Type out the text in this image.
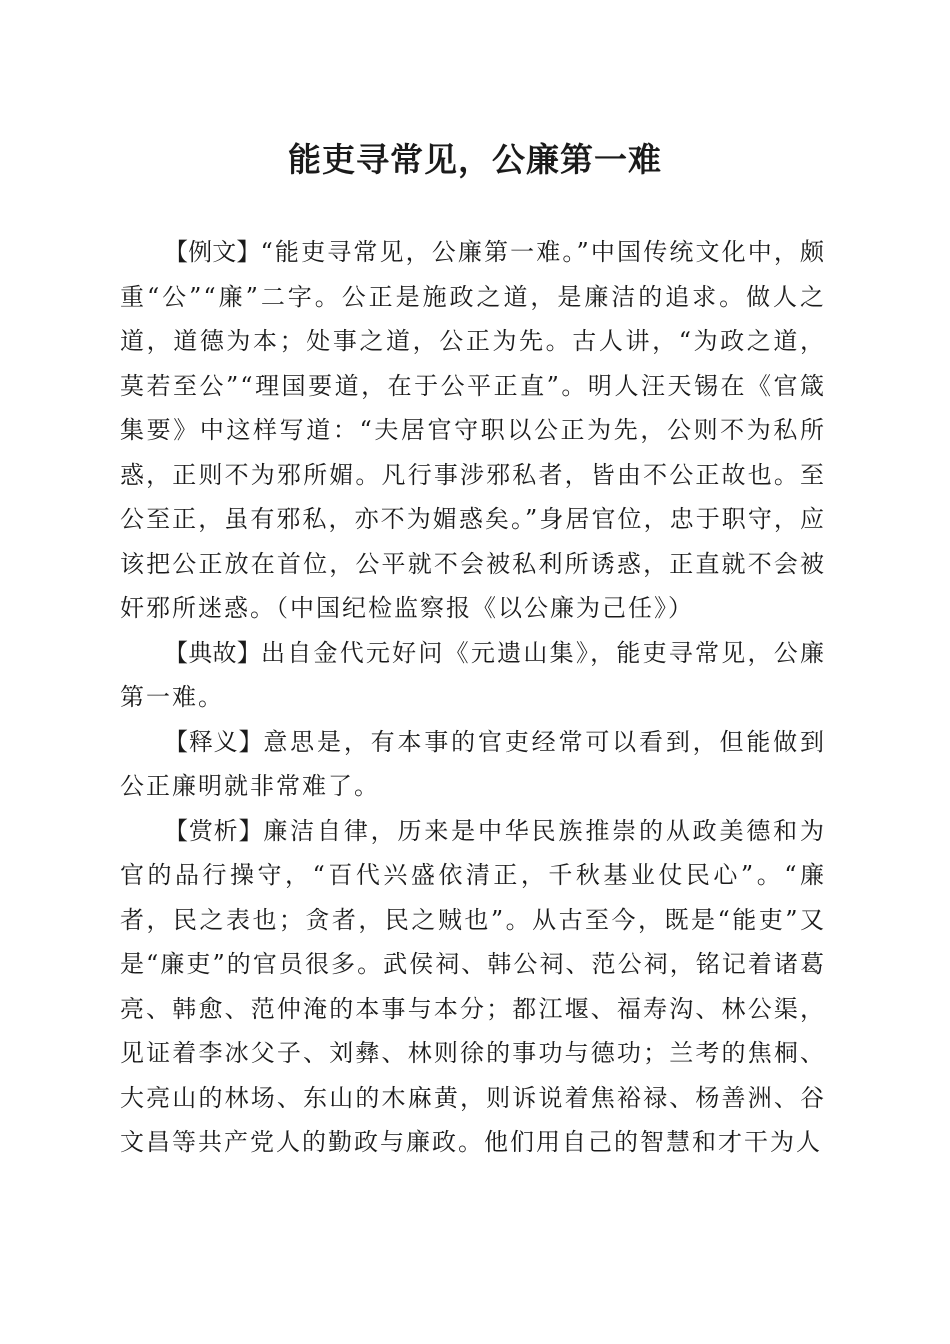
能吏寻常见，公廉第一难

【例文】“能吏寻常见，公廉第一难。”中国传统文化中，颇重“公”“廉”二字。公正是施政之道，是廉洁的追求。做人之道，道德为本；处事之道，公正为先。古人讲，“为政之道，莫若至公”“理国要道，在于公平正直”。明人汪天锡在《官箴集要》中这样写道：“夫居官守职以公正为先，公则不为私所惑，正则不为邪所媚。凡行事涉邪私者，皆由不公正故也。至公至正，虽有邪私，亦不为媚惑矣。”身居官位，忠于职守，应该把公正放在首位，公平就不会被私利所诱惑，正直就不会被奸邪所迷惑。（中国纪检监察报《以公廉为己任》）

【典故】出自金代元好问《元遗山集》，能吏寻常见，公廉第一难。

【释义】意思是，有本事的官吏经常可以看到，但能做到公正廉明就非常难了。

【赏析】廉洁自律，历来是中华民族推崇的从政美德和为官的品行操守，“百代兴盛依清正，千秋基业仗民心”。“廉者，民之表也；贪者，民之贼也”。从古至今，既是“能吏”又是“廉吏”的官员很多。武侯祠、韩公祠、范公祠，铭记着诸葛亮、韩愈、范仲淹的本事与本分；都江堰、福寿沟、林公渠，见证着李冰父子、刘彝、林则徐的事功与德功；兰考的焦桐、大亮山的林场、东山的木麻黄，则诉说着焦裕禄、杨善洲、谷文昌等共产党人的勤政与廉政。他们用自己的智慧和才干为人
